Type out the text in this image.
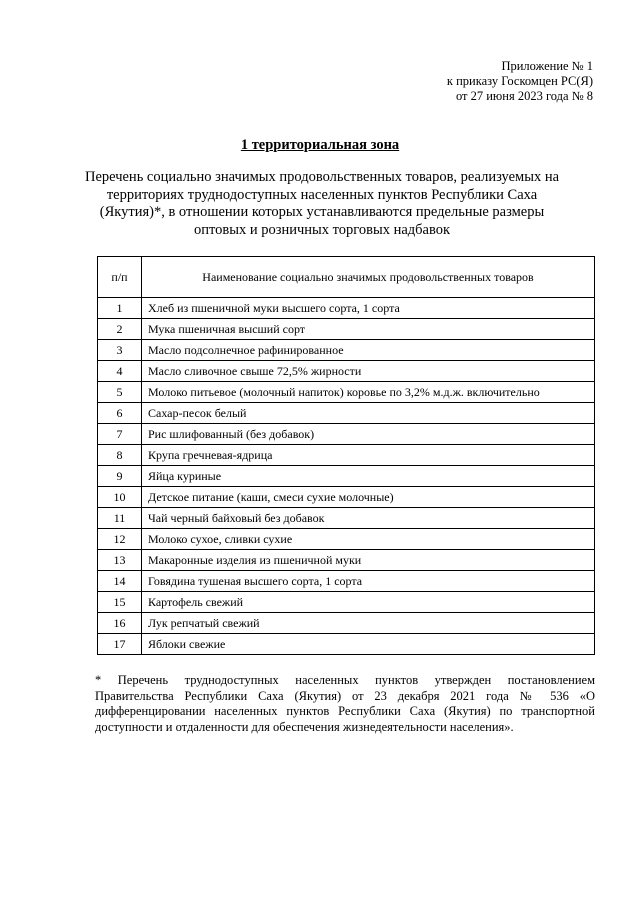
Приложение № 1
к приказу Госкомцен РС(Я)
от 27 июня 2023 года № 8
1 территориальная зона
Перечень социально значимых продовольственных товаров, реализуемых на территориях труднодоступных населенных пунктов Республики Саха (Якутия)*, в отношении которых устанавливаются предельные размеры оптовых и розничных торговых надбавок
п/п	Наименование социально значимых продовольственных товаров
1	Хлеб из пшеничной муки высшего сорта, 1 сорта
2	Мука пшеничная высший сорт
3	Масло подсолнечное рафинированное
4	Масло сливочное свыше 72,5% жирности
5	Молоко питьевое (молочный напиток) коровье по 3,2% м.д.ж. включительно
6	Сахар-песок белый
7	Рис шлифованный (без добавок)
8	Крупа гречневая-ядрица
9	Яйца куриные
10	Детское питание (каши, смеси сухие молочные)
11	Чай черный байховый без добавок
12	Молоко сухое, сливки сухие
13	Макаронные изделия из пшеничной муки
14	Говядина тушеная высшего сорта, 1 сорта
15	Картофель свежий
16	Лук репчатый свежий
17	Яблоки свежие
* Перечень труднодоступных населенных пунктов утвержден постановлением Правительства Республики Саха (Якутия) от 23 декабря 2021 года № 536 «О дифференцировании населенных пунктов Республики Саха (Якутия) по транспортной доступности и отдаленности для обеспечения жизнедеятельности населения».
